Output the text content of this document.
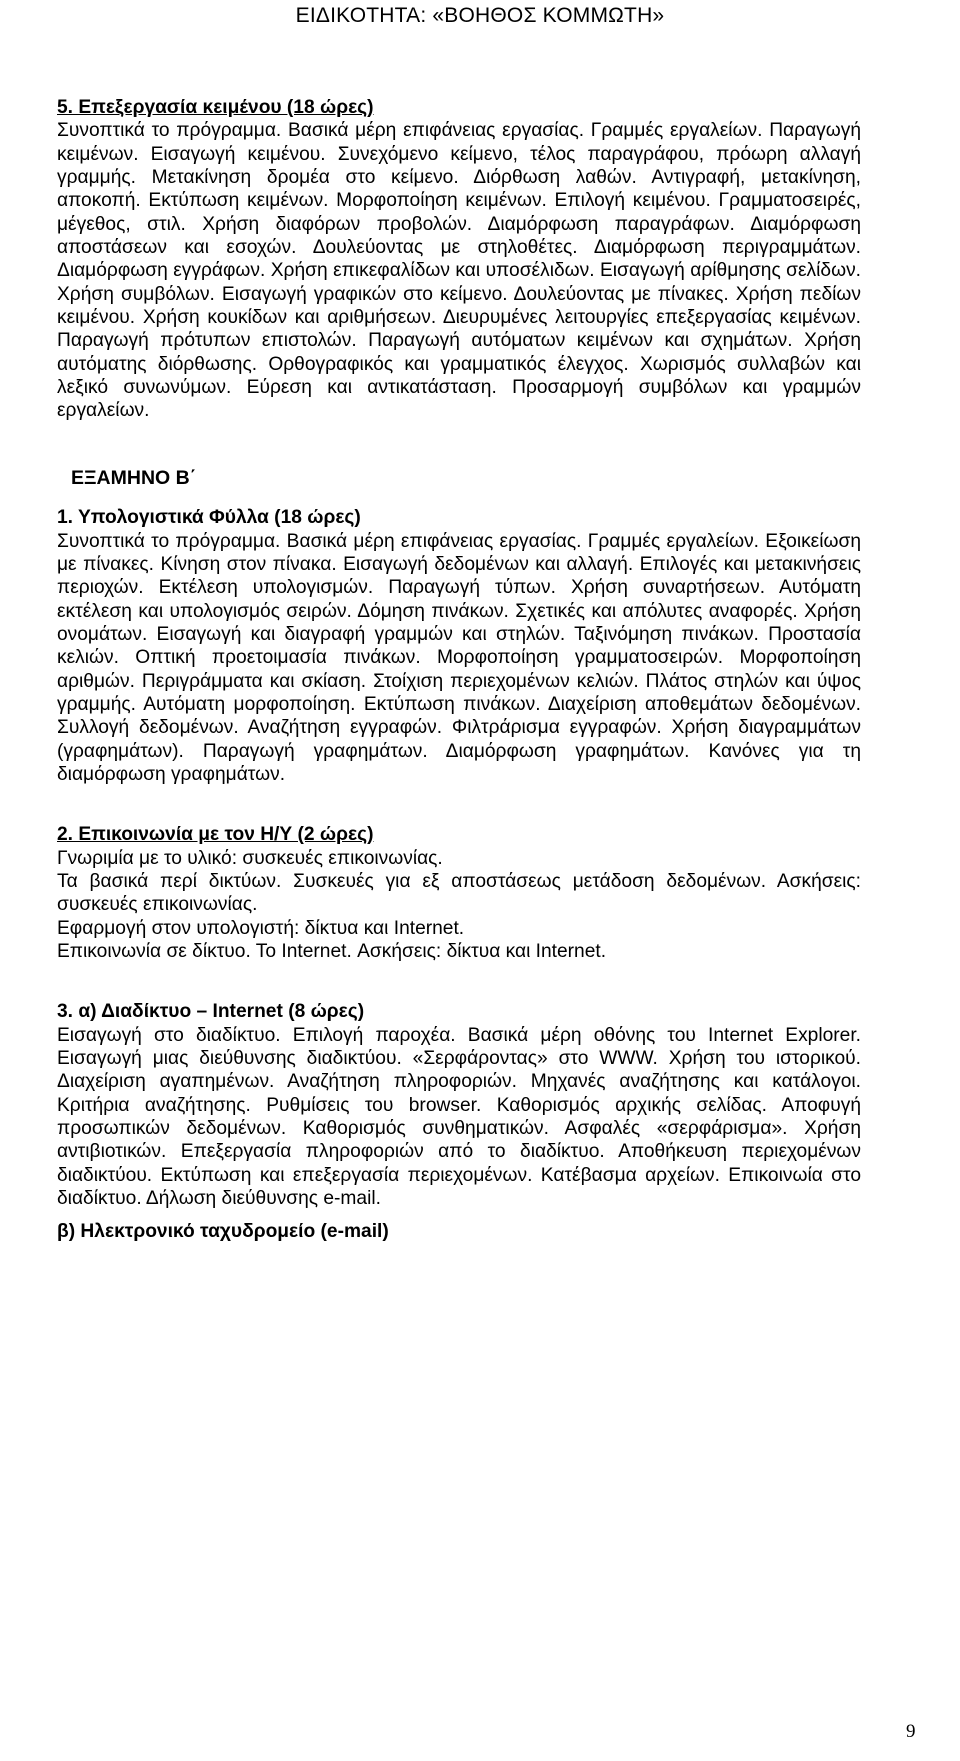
ΕΙΔΙΚΟΤΗΤΑ: «ΒΟΗΘΟΣ ΚΟΜΜΩΤΗ»

5. Επεξεργασία κειμένου (18 ώρες)

Συνοπτικά το πρόγραμμα. Βασικά μέρη επιφάνειας εργασίας. Γραμμές εργαλείων. Παραγωγή κειμένων. Εισαγωγή κειμένου. Συνεχόμενο κείμενο, τέλος παραγράφου, πρόωρη αλλαγή γραμμής. Μετακίνηση δρομέα στο κείμενο. Διόρθωση λαθών. Αντιγραφή, μετακίνηση, αποκοπή. Εκτύπωση κειμένων. Μορφοποίηση κειμένων. Επιλογή κειμένου. Γραμματοσειρές, μέγεθος, στιλ. Χρήση διαφόρων προβολών. Διαμόρφωση παραγράφων. Διαμόρφωση αποστάσεων και εσοχών. Δουλεύοντας με στηλοθέτες. Διαμόρφωση περιγραμμάτων. Διαμόρφωση εγγράφων. Χρήση επικεφαλίδων και υποσέλιδων. Εισαγωγή αρίθμησης σελίδων. Χρήση συμβόλων. Εισαγωγή γραφικών στο κείμενο. Δουλεύοντας με πίνακες. Χρήση πεδίων κειμένου. Χρήση κουκίδων και αριθμήσεων. Διευρυμένες λειτουργίες επεξεργασίας κειμένων. Παραγωγή πρότυπων επιστολών. Παραγωγή αυτόματων κειμένων και σχημάτων. Χρήση αυτόματης διόρθωσης. Ορθογραφικός και γραμματικός έλεγχος. Χωρισμός συλλαβών και λεξικό συνωνύμων. Εύρεση και αντικατάσταση. Προσαρμογή συμβόλων και γραμμών εργαλείων.

ΕΞΑΜΗΝΟ Β΄

1. Υπολογιστικά Φύλλα (18 ώρες)

Συνοπτικά το πρόγραμμα. Βασικά μέρη επιφάνειας εργασίας. Γραμμές εργαλείων. Εξοικείωση με πίνακες. Κίνηση στον πίνακα. Εισαγωγή δεδομένων και αλλαγή. Επιλογές και μετακινήσεις περιοχών. Εκτέλεση υπολογισμών. Παραγωγή τύπων. Χρήση συναρτήσεων. Αυτόματη εκτέλεση και υπολογισμός σειρών. Δόμηση πινάκων. Σχετικές και απόλυτες αναφορές. Χρήση ονομάτων. Εισαγωγή και διαγραφή γραμμών και στηλών. Ταξινόμηση πινάκων. Προστασία κελιών. Οπτική προετοιμασία πινάκων. Μορφοποίηση γραμματοσειρών. Μορφοποίηση αριθμών. Περιγράμματα και σκίαση. Στοίχιση περιεχομένων κελιών. Πλάτος στηλών και ύψος γραμμής. Αυτόματη μορφοποίηση. Εκτύπωση πινάκων. Διαχείριση αποθεμάτων δεδομένων. Συλλογή δεδομένων. Αναζήτηση εγγραφών. Φιλτράρισμα εγγραφών. Χρήση διαγραμμάτων (γραφημάτων). Παραγωγή γραφημάτων. Διαμόρφωση γραφημάτων. Κανόνες για τη διαμόρφωση γραφημάτων.

2. Επικοινωνία με τον Η/Υ (2 ώρες)

Γνωριμία με το υλικό: συσκευές επικοινωνίας.

Τα βασικά περί δικτύων. Συσκευές για εξ αποστάσεως μετάδοση δεδομένων. Ασκήσεις: συσκευές επικοινωνίας.

Εφαρμογή στον υπολογιστή: δίκτυα και Internet.

Επικοινωνία σε δίκτυο. Το Internet. Ασκήσεις: δίκτυα και Internet.

3. α) Διαδίκτυο – Internet (8 ώρες)

Εισαγωγή στο διαδίκτυο. Επιλογή παροχέα. Βασικά μέρη οθόνης του Internet Explorer. Εισαγωγή μιας διεύθυνσης διαδικτύου. «Σερφάροντας» στο WWW. Χρήση του ιστορικού. Διαχείριση αγαπημένων. Αναζήτηση πληροφοριών. Μηχανές αναζήτησης και κατάλογοι. Κριτήρια αναζήτησης. Ρυθμίσεις του browser. Καθορισμός αρχικής σελίδας. Αποφυγή προσωπικών δεδομένων. Καθορισμός συνθηματικών. Ασφαλές «σερφάρισμα». Χρήση αντιβιοτικών. Επεξεργασία πληροφοριών από το διαδίκτυο. Αποθήκευση περιεχομένων διαδικτύου. Εκτύπωση και επεξεργασία περιεχομένων. Κατέβασμα αρχείων. Επικοινωία στο διαδίκτυο. Δήλωση διεύθυνσης e-mail.

β) Ηλεκτρονικό ταχυδρομείο (e-mail)

9
